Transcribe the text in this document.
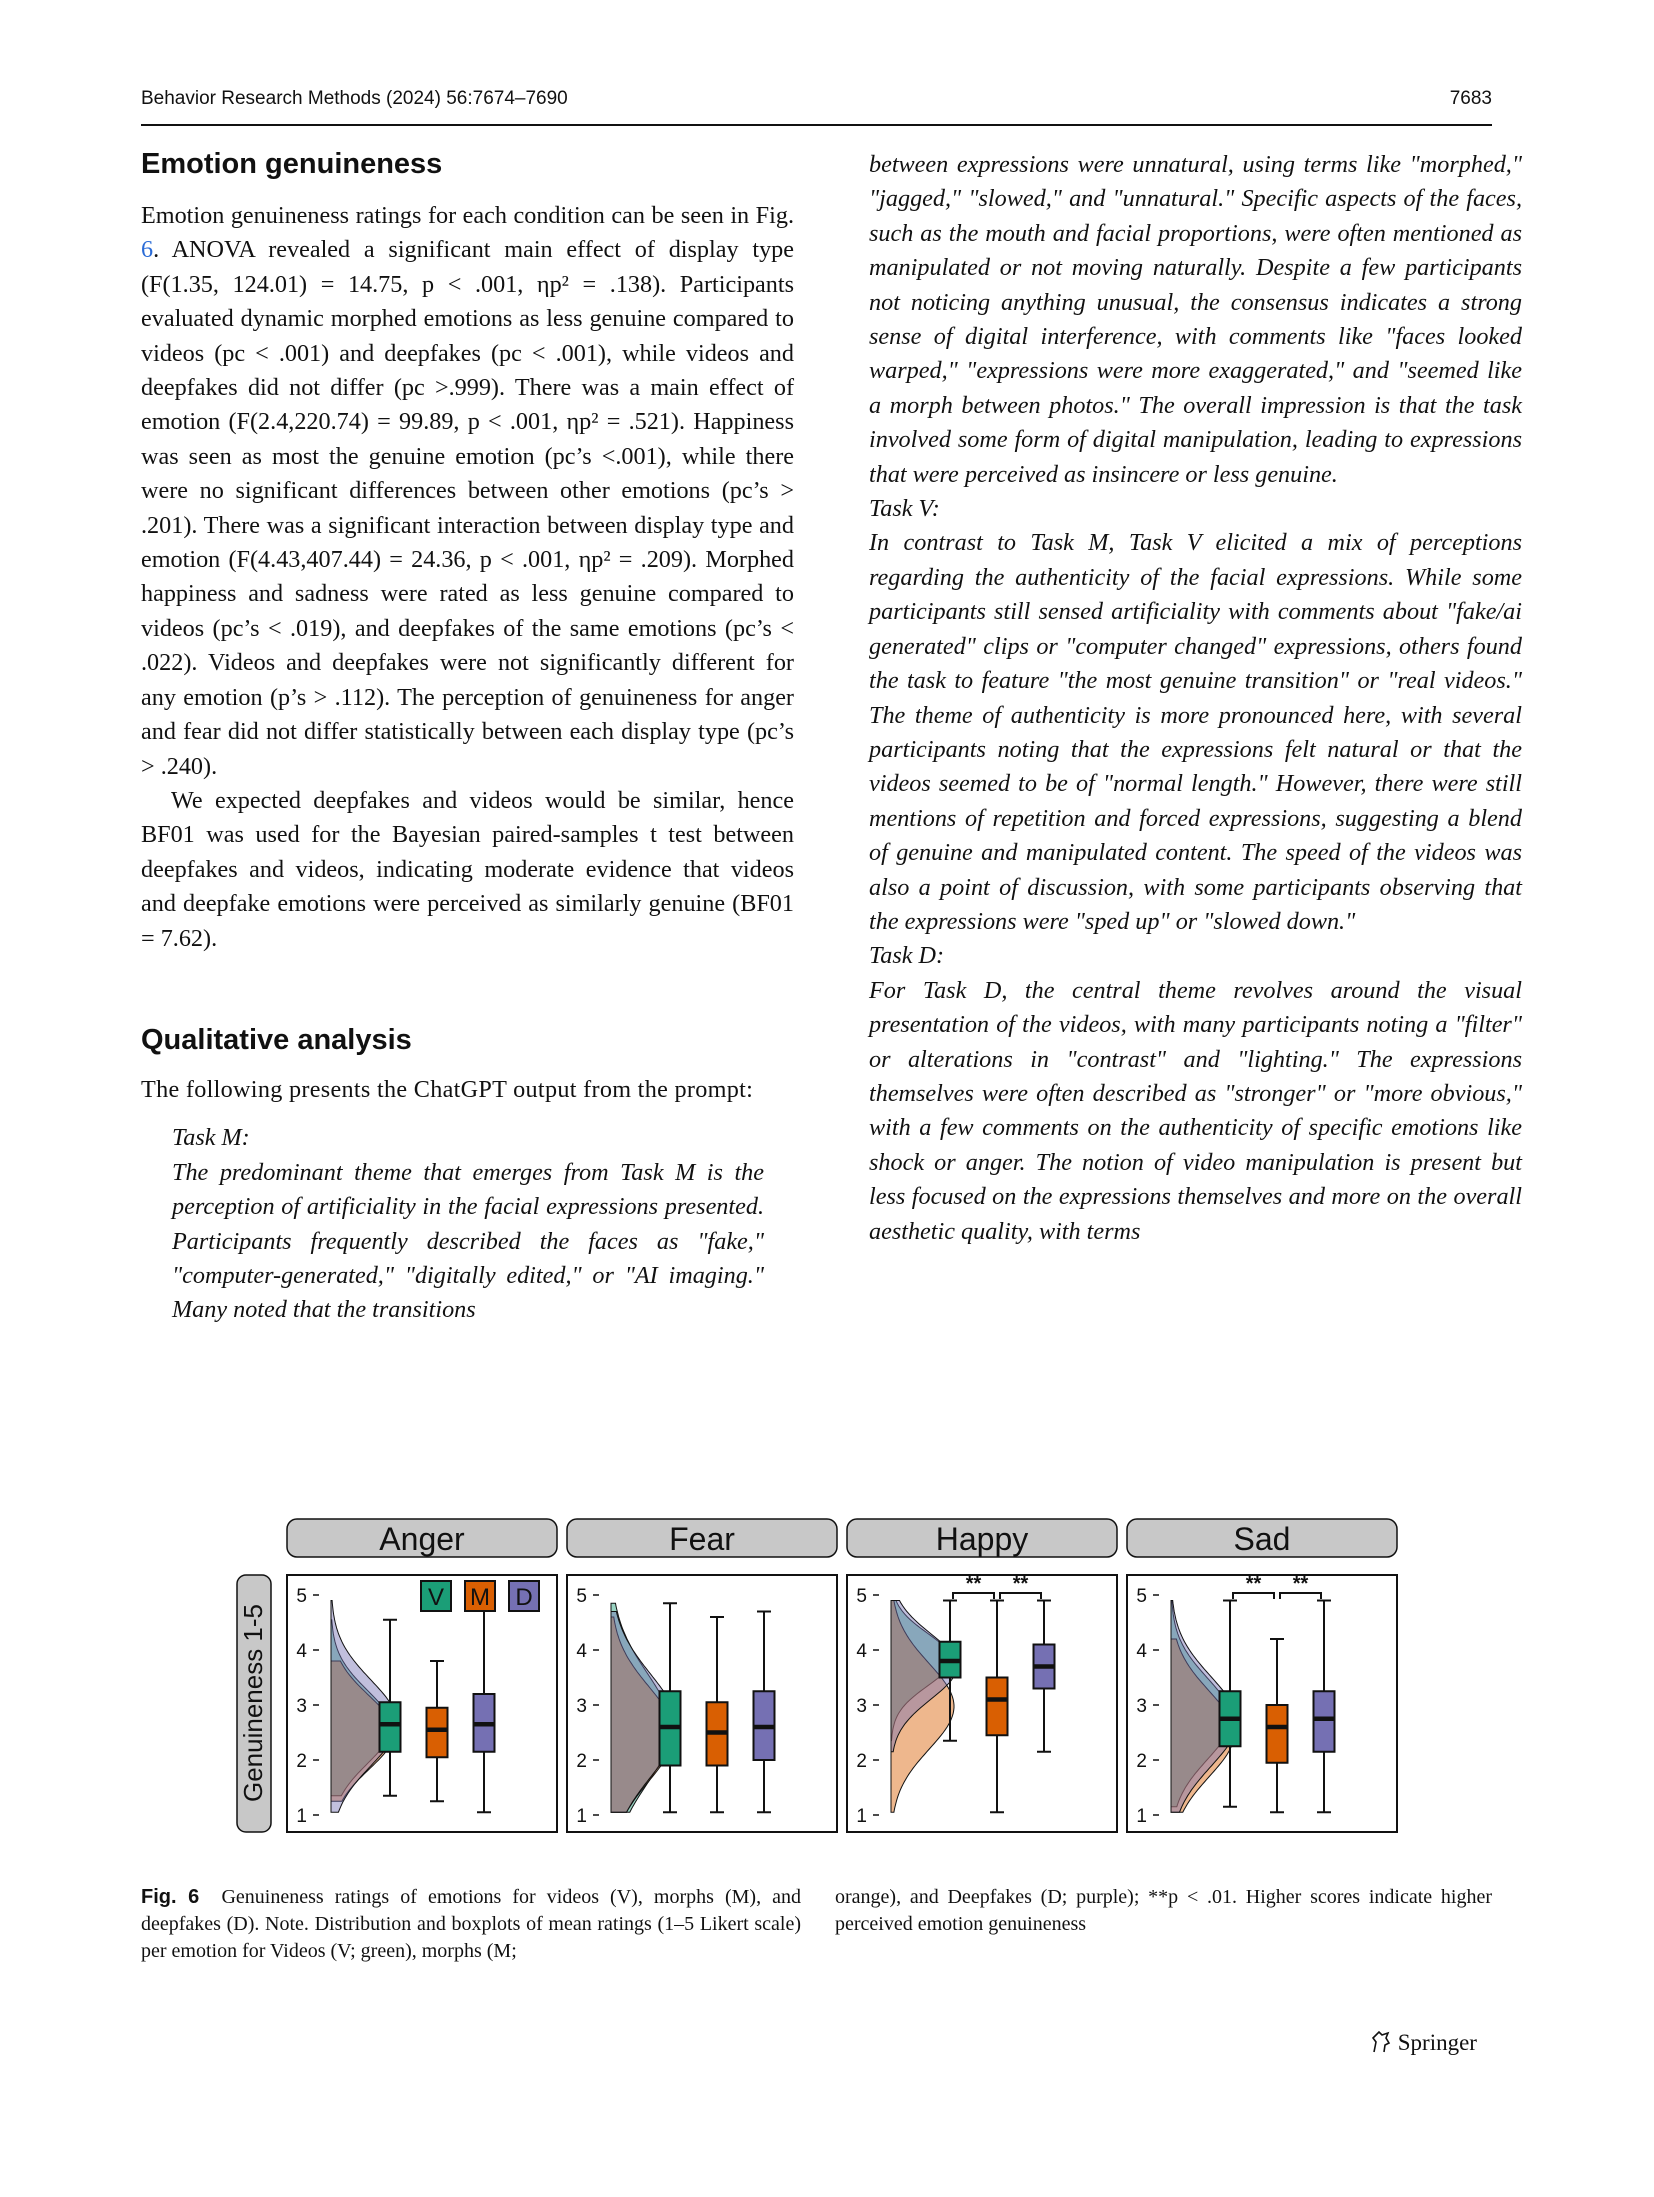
Behavior Research Methods (2024) 56:7674–7690	7683
Emotion genuineness

Emotion genuineness ratings for each condition can be seen in Fig. 6. ANOVA revealed a significant main effect of display type (F(1.35, 124.01) = 14.75, p < .001, ηp² = .138). Participants evaluated dynamic morphed emotions as less genuine compared to videos (pc < .001) and deepfakes (pc < .001), while videos and deepfakes did not differ (pc >.999). There was a main effect of emotion (F(2.4,220.74) = 99.89, p < .001, ηp² = .521). Happiness was seen as most the genuine emotion (pc’s <.001), while there were no significant differences between other emotions (pc’s > .201). There was a significant interaction between display type and emotion (F(4.43,407.44) = 24.36, p < .001, ηp² = .209). Morphed happiness and sadness were rated as less genuine compared to videos (pc’s < .019), and deepfakes of the same emotions (pc’s < .022). Videos and deepfakes were not significantly different for any emotion (p’s > .112). The perception of genuineness for anger and fear did not differ statistically between each display type (pc’s > .240).

We expected deepfakes and videos would be similar, hence BF01 was used for the Bayesian paired-samples t test between deepfakes and videos, indicating moderate evidence that videos and deepfake emotions were perceived as similarly genuine (BF01 = 7.62).

Qualitative analysis

The following presents the ChatGPT output from the prompt:

Task M:

The predominant theme that emerges from Task M is the perception of artificiality in the facial expressions presented. Participants frequently described the faces as "fake," "computer-generated," "digitally edited," or "AI imaging." Many noted that the transitions

between expressions were unnatural, using terms like "morphed," "jagged," "slowed," and "unnatural." Specific aspects of the faces, such as the mouth and facial proportions, were often mentioned as manipulated or not moving naturally. Despite a few participants not noticing anything unusual, the consensus indicates a strong sense of digital interference, with comments like "faces looked warped," "expressions were more exaggerated," and "seemed like a morph between photos." The overall impression is that the task involved some form of digital manipulation, leading to expressions that were perceived as insincere or less genuine.

Task V:

In contrast to Task M, Task V elicited a mix of perceptions regarding the authenticity of the facial expressions. While some participants still sensed artificiality with comments about "fake/ai generated" clips or "computer changed" expressions, others found the task to feature "the most genuine transition" or "real videos." The theme of authenticity is more pronounced here, with several participants noting that the expressions felt natural or that the videos seemed to be of "normal length." However, there were still mentions of repetition and forced expressions, suggesting a blend of genuine and manipulated content. The speed of the videos was also a point of discussion, with some participants observing that the expressions were "sped up" or "slowed down."

Task D:

For Task D, the central theme revolves around the visual presentation of the videos, with many participants noting a "filter" or alterations in "contrast" and "lighting." The expressions themselves were often described as "stronger" or "more obvious," with a few comments on the authenticity of specific emotions like shock or anger. The notion of video manipulation is present but less focused on the expressions themselves and more on the overall aesthetic quality, with terms

Genuineness 1-5
Anger
1
2
3
4
5	V M D
Fear
1
2
3
4
5
Happy
1
2
3
4
5
** **
Sad
1
2
3
4
5
** **
Fig. 6 Genuineness ratings of emotions for videos (V), morphs (M), and deepfakes (D). Note. Distribution and boxplots of mean ratings (1–5 Likert scale) per emotion for Videos (V; green), morphs (M;
orange), and Deepfakes (D; purple); **p < .01. Higher scores indicate higher perceived emotion genuineness
Springer
